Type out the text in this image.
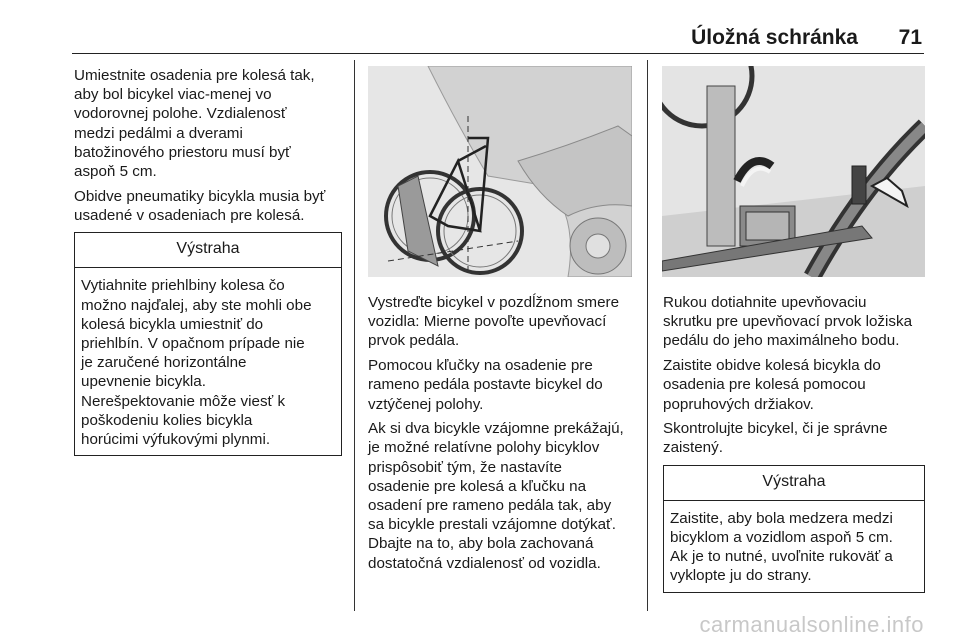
Úložná schránka 71

Umiestnite osadenia pre kolesá tak,
aby bol bicykel viac-menej vo
vodorovnej polohe. Vzdialenosť
medzi pedálmi a dverami
batožinového priestoru musí byť
aspoň 5 cm.

Obidve pneumatiky bicykla musia byť
usadené v osadeniach pre kolesá.

Výstraha
Vytiahnite priehlbiny kolesa čo
možno najďalej, aby ste mohli obe
kolesá bicykla umiestniť do
priehlbín. V opačnom prípade nie
je zaručené horizontálne
upevnenie bicykla.
Nerešpektovanie môže viesť k
poškodeniu kolies bicykla
horúcimi výfukovými plynmi.

Vystreďte bicykel v pozdĺžnom smere
vozidla: Mierne povoľte upevňovací
prvok pedála.

Pomocou kľučky na osadenie pre
rameno pedála postavte bicykel do
vztýčenej polohy.

Ak si dva bicykle vzájomne prekážajú,
je možné relatívne polohy bicyklov
prispôsobiť tým, že nastavíte
osadenie pre kolesá a kľučku na
osadení pre rameno pedála tak, aby
sa bicykle prestali vzájomne dotýkať.
Dbajte na to, aby bola zachovaná
dostatočná vzdialenosť od vozidla.

Rukou dotiahnite upevňovaciu
skrutku pre upevňovací prvok ložiska
pedálu do jeho maximálneho bodu.

Zaistite obidve kolesá bicykla do
osadenia pre kolesá pomocou
popruhových držiakov.

Skontrolujte bicykel, či je správne
zaistený.

Výstraha
Zaistite, aby bola medzera medzi
bicyklom a vozidlom aspoň 5 cm.
Ak je to nutné, uvoľnite rukoväť a
vyklopte ju do strany.
carmanualsonline.info
